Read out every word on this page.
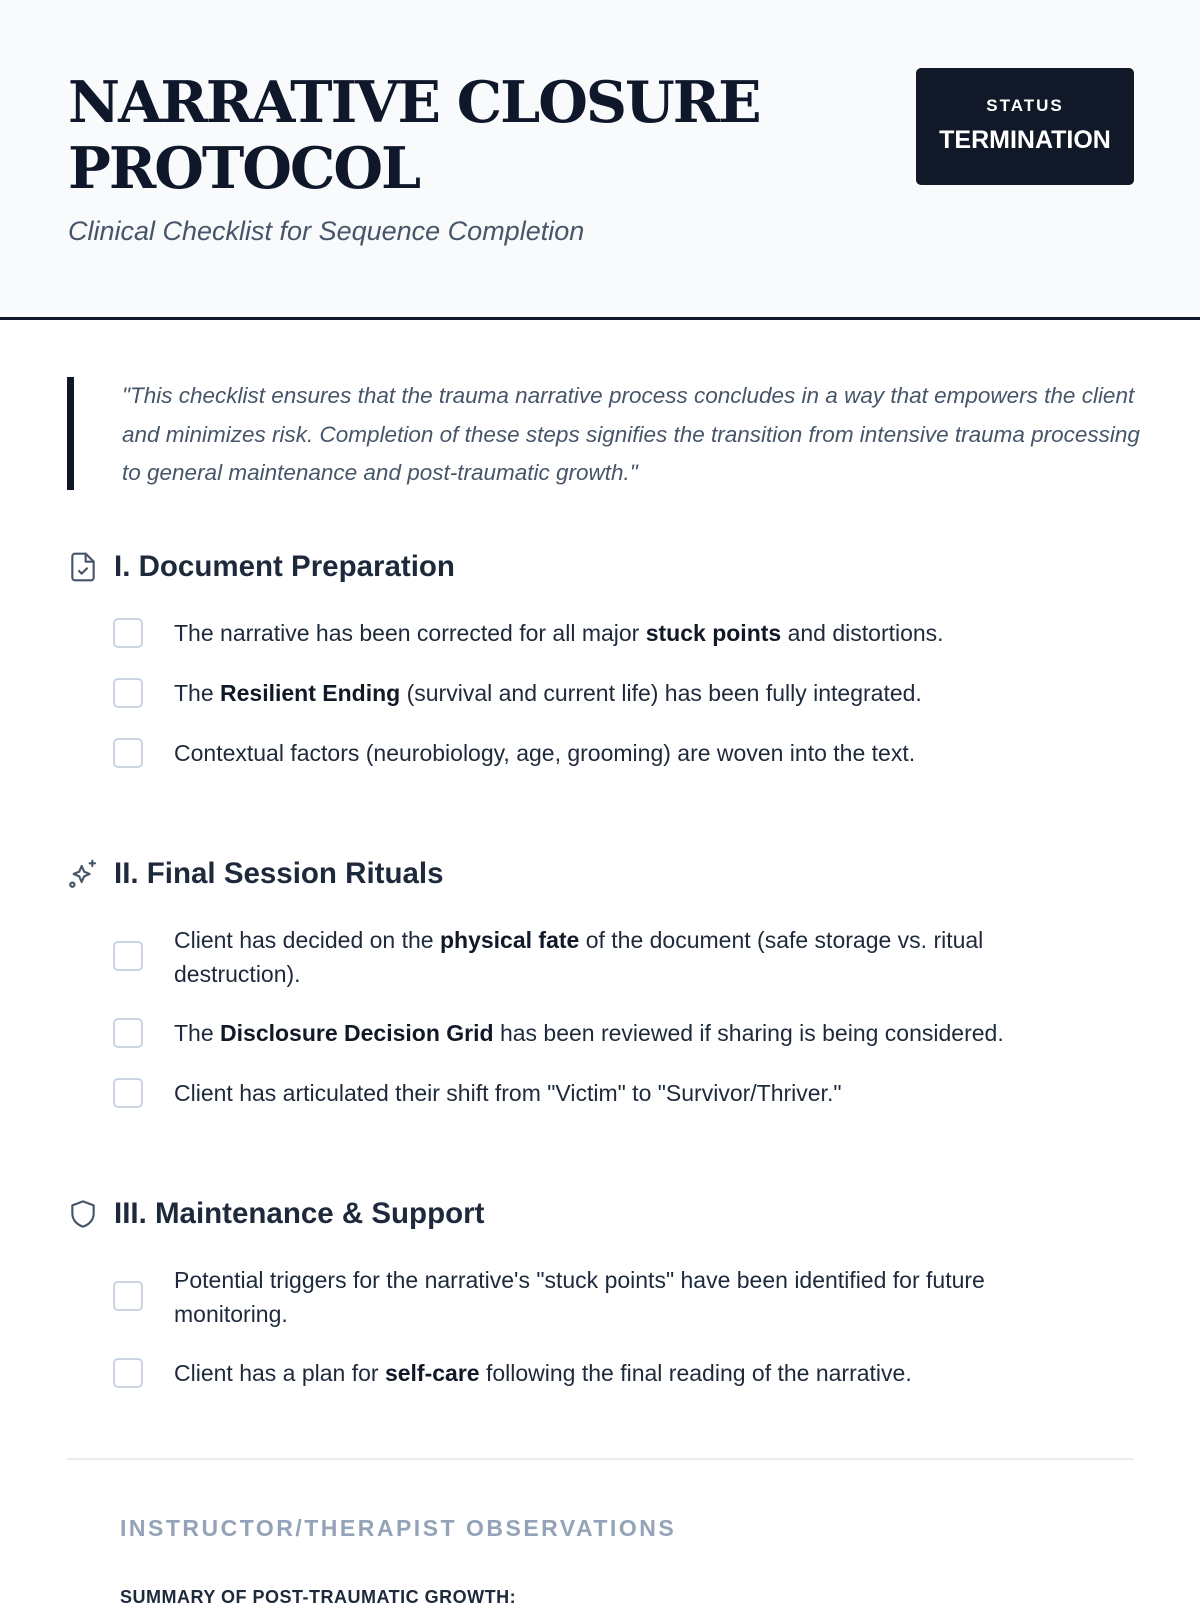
NARRATIVE CLOSURE PROTOCOL

Clinical Checklist for Sequence Completion

STATUS
TERMINATION

"This checklist ensures that the trauma narrative process concludes in a way that empowers the client and minimizes risk. Completion of these steps signifies the transition from intensive trauma processing to general maintenance and post-traumatic growth."

I. Document Preparation

The narrative has been corrected for all major stuck points and distortions.

The Resilient Ending (survival and current life) has been fully integrated.

Contextual factors (neurobiology, age, grooming) are woven into the text.

II. Final Session Rituals

Client has decided on the physical fate of the document (safe storage vs. ritual destruction).

The Disclosure Decision Grid has been reviewed if sharing is being considered.

Client has articulated their shift from "Victim" to "Survivor/Thriver."

III. Maintenance & Support

Potential triggers for the narrative's "stuck points" have been identified for future monitoring.

Client has a plan for self-care following the final reading of the narrative.

INSTRUCTOR/THERAPIST OBSERVATIONS

SUMMARY OF POST-TRAUMATIC GROWTH:
